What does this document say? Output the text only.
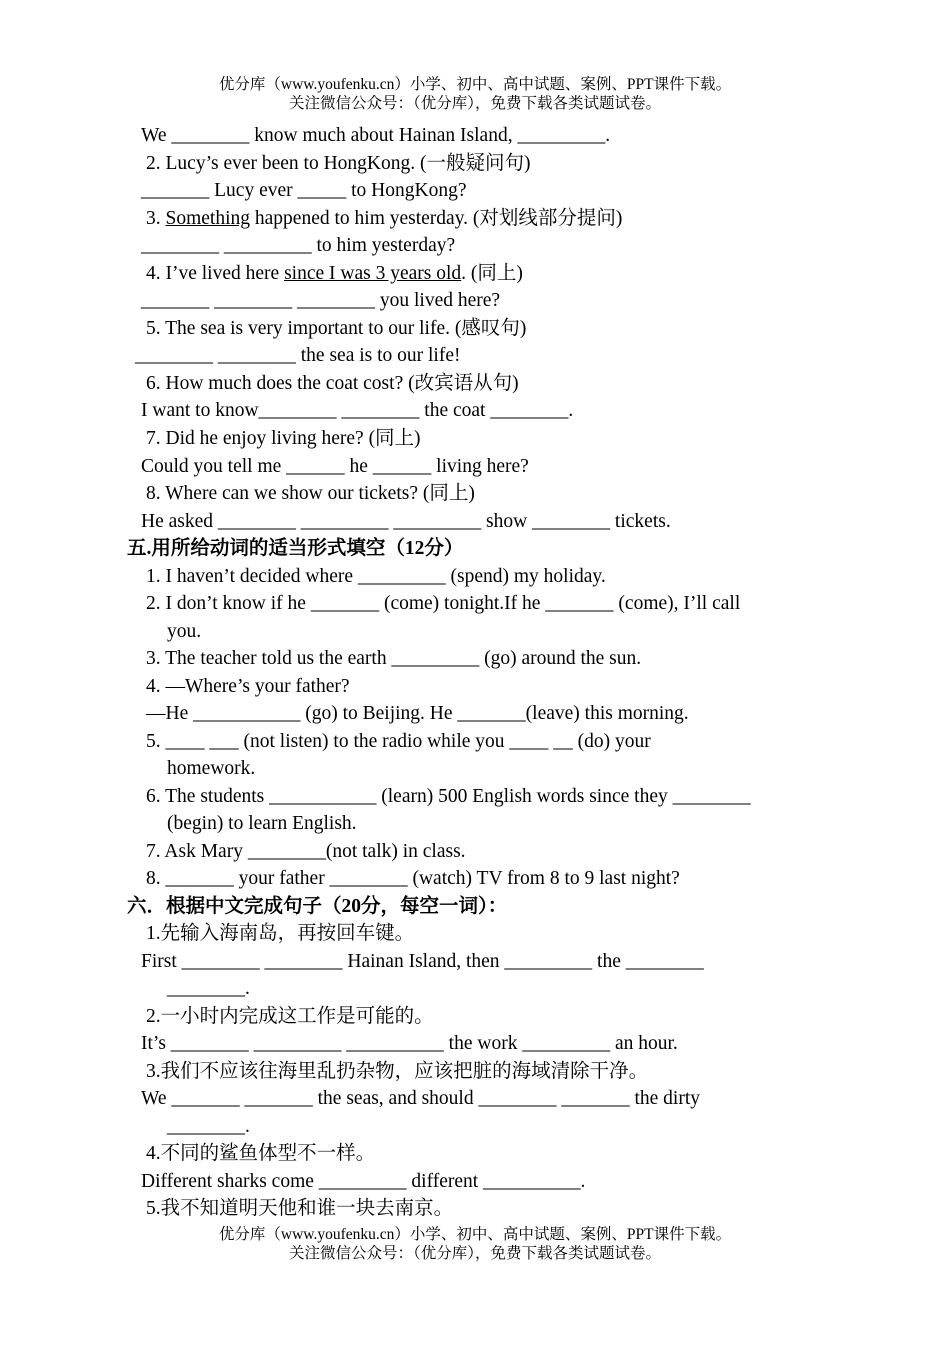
优分库（www.youfenku.cn）小学、初中、高中试题、案例、PPT课件下载。
关注微信公众号：（优分库），免费下载各类试题试卷。
We ________ know much about Hainan Island, _________.
2. Lucy’s ever been to HongKong. (一般疑问句)
_______ Lucy ever _____ to HongKong?
3. Something happened to him yesterday. (对划线部分提问)
________ _________ to him yesterday?
4. I’ve lived here since I was 3 years old. (同上)
_______ ________ ________ you lived here?
5. The sea is very important to our life. (感叹句)
________ ________ the sea is to our life!
6. How much does the coat cost? (改宾语从句)
I want to know________ ________ the coat ________.
7. Did he enjoy living here? (同上)
Could you tell me ______ he ______ living here?
8. Where can we show our tickets? (同上)
He asked ________ _________ _________ show ________ tickets.
五.用所给动词的适当形式填空（12分）
1. I haven’t decided where _________ (spend) my holiday.
2. I don’t know if he _______ (come) tonight.If he _______ (come), I’ll call
you.
3. The teacher told us the earth _________ (go) around the sun.
4. —Where’s your father?
—He ___________ (go) to Beijing. He _______(leave) this morning.
5. ____ ___ (not listen) to the radio while you ____ __ (do) your
homework.
6. The students ___________ (learn) 500 English words since they ________
(begin) to learn English.
7. Ask Mary ________(not talk) in class.
8. _______ your father ________ (watch) TV from 8 to 9 last night?
六．根据中文完成句子（20分，每空一词）：
1.先输入海南岛，再按回车键。
First ________ ________ Hainan Island, then _________ the ________
________.
2.一小时内完成这工作是可能的。
It’s ________ _________ __________ the work _________ an hour.
3.我们不应该往海里乱扔杂物，应该把脏的海域清除干净。
We _______ _______ the seas, and should ________ _______ the dirty
________.
4.不同的鲨鱼体型不一样。
Different sharks come _________ different __________.
5.我不知道明天他和谁一块去南京。
优分库（www.youfenku.cn）小学、初中、高中试题、案例、PPT课件下载。
关注微信公众号：（优分库），免费下载各类试题试卷。
